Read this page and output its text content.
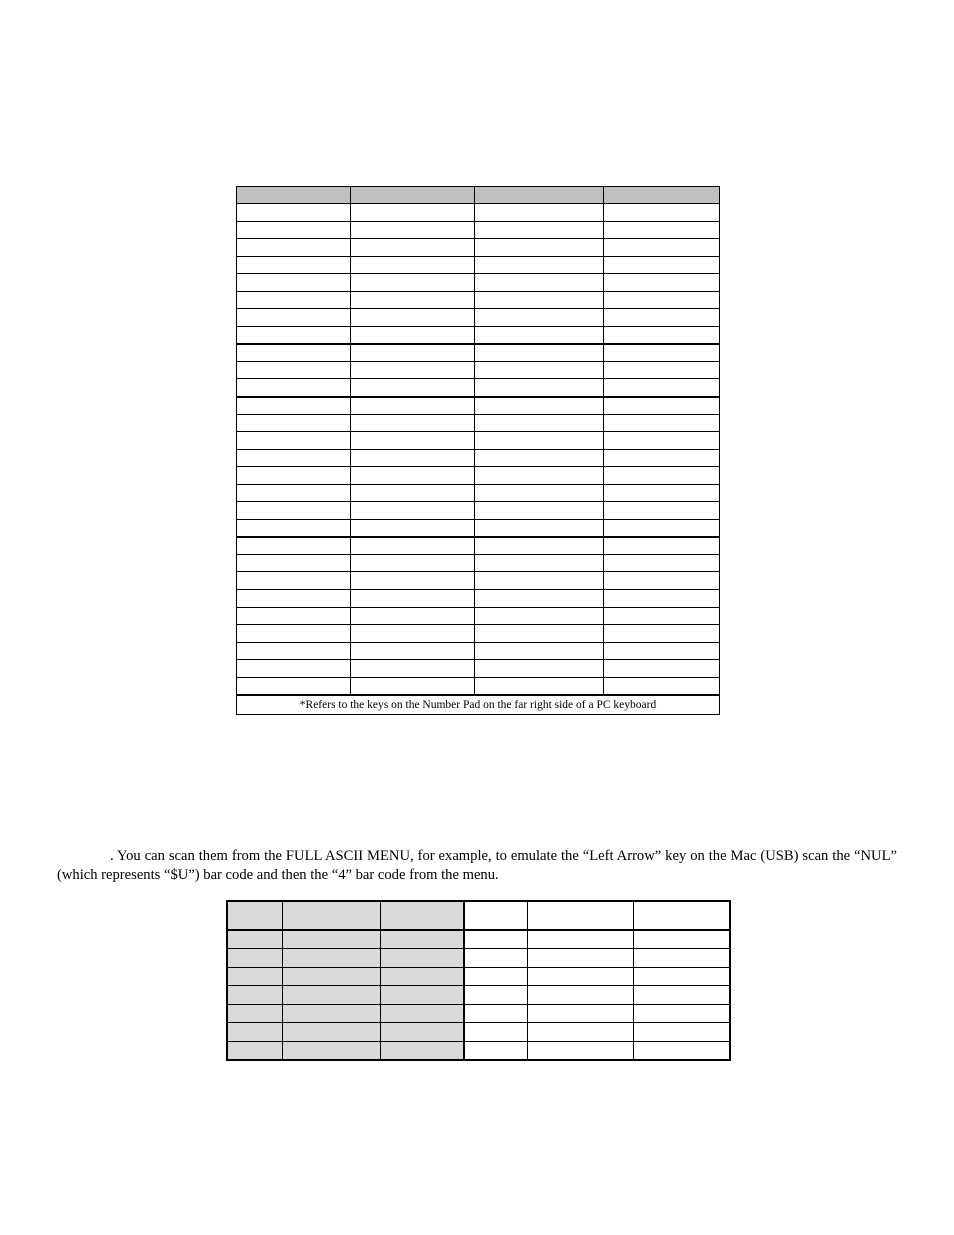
*Refers to the keys on the Number Pad on the far right side of a PC keyboard			

. You can scan them from the FULL ASCII MENU, for example, to emulate the “Left Arrow” key on the Mac (USB) scan the “NUL” (which represents “$U”) bar code and then the “4” bar code from the menu.
